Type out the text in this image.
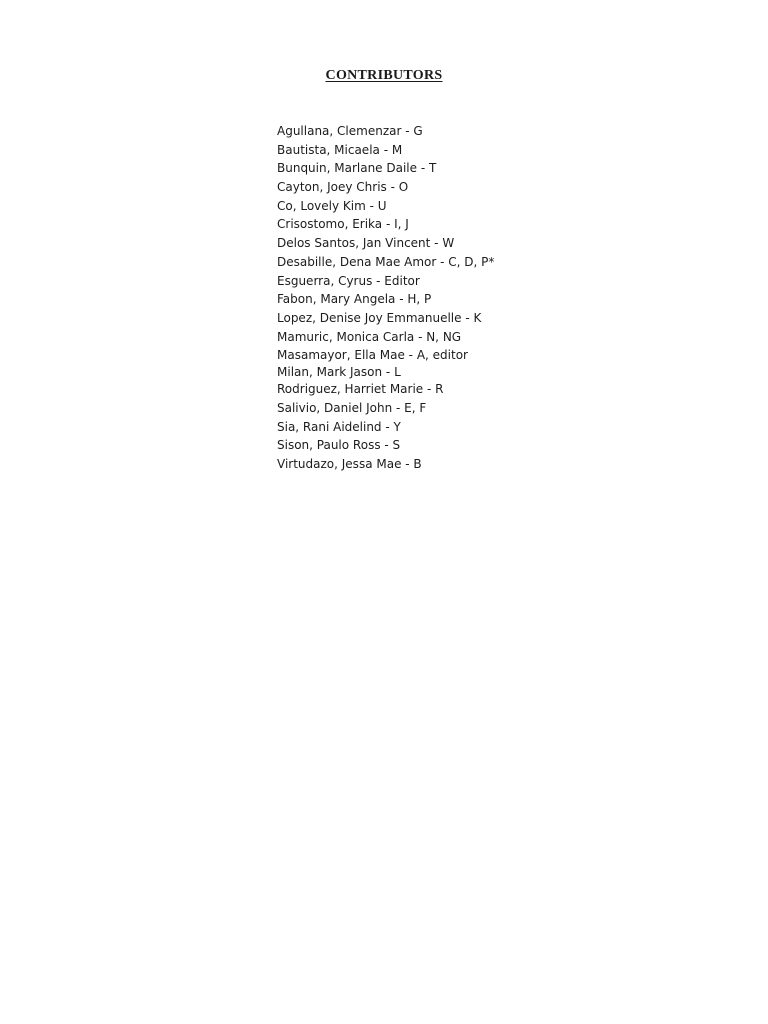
CONTRIBUTORS
Agullana, Clemenzar - G
Bautista, Micaela - M
Bunquin, Marlane Daile - T
Cayton, Joey Chris - O
Co, Lovely Kim - U
Crisostomo, Erika - I, J
Delos Santos, Jan Vincent - W
Desabille, Dena Mae Amor - C, D, P*
Esguerra, Cyrus - Editor
Fabon, Mary Angela - H, P
Lopez, Denise Joy Emmanuelle - K
Mamuric, Monica Carla - N, NG
Masamayor, Ella Mae - A, editor
Milan, Mark Jason - L
Rodriguez, Harriet Marie - R
Salivio, Daniel John - E, F
Sia, Rani Aidelind - Y
Sison, Paulo Ross - S
Virtudazo, Jessa Mae - B
